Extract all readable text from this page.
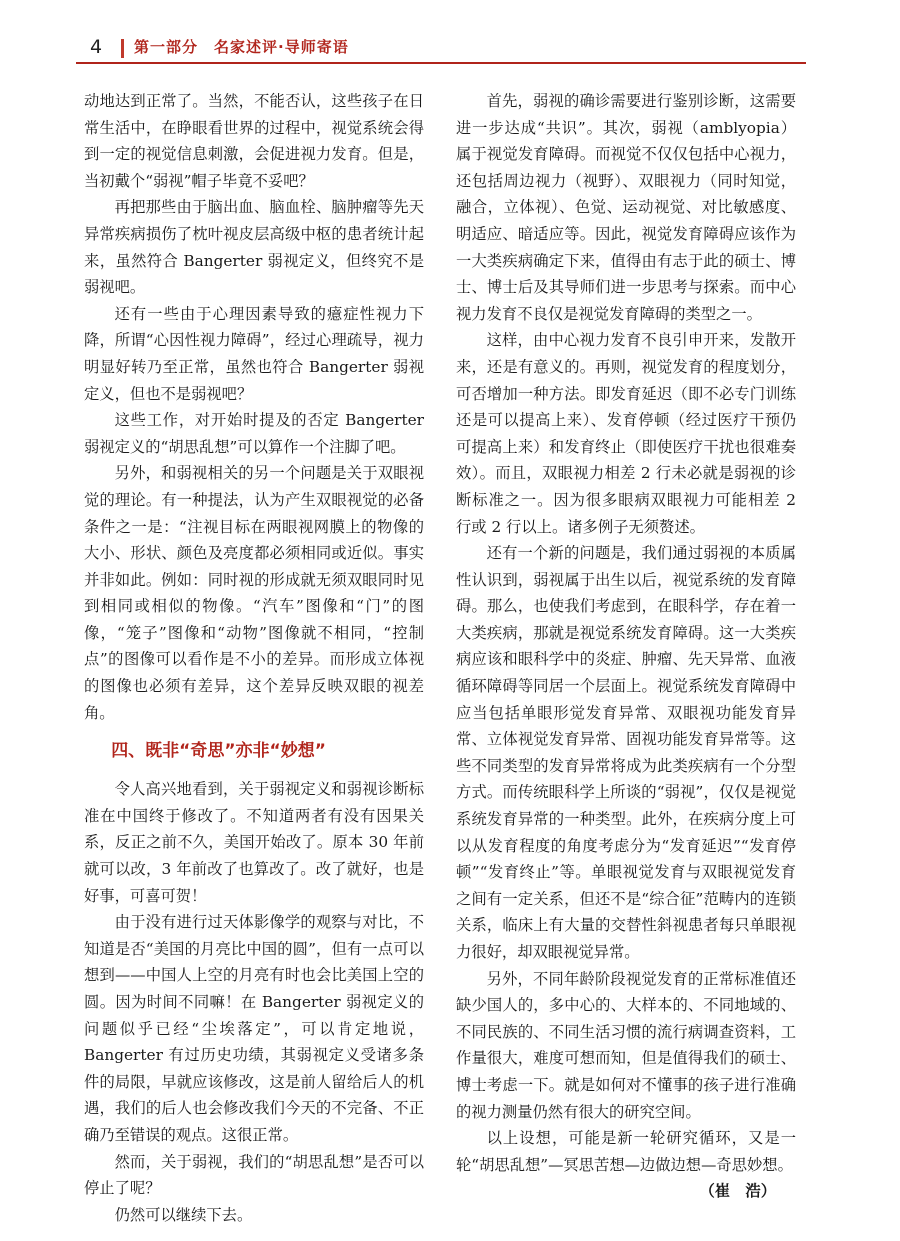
4 第一部分　名家述评·导师寄语

动地达到正常了。当然，不能否认，这些孩子在日常生活中，在睁眼看世界的过程中，视觉系统会得到一定的视觉信息刺激，会促进视力发育。但是，当初戴个“弱视”帽子毕竟不妥吧？

再把那些由于脑出血、脑血栓、脑肿瘤等先天异常疾病损伤了枕叶视皮层高级中枢的患者统计起来，虽然符合 Bangerter 弱视定义，但终究不是弱视吧。

还有一些由于心理因素导致的癔症性视力下降，所谓“心因性视力障碍”，经过心理疏导，视力明显好转乃至正常，虽然也符合 Bangerter 弱视定义，但也不是弱视吧？

这些工作，对开始时提及的否定 Bangerter 弱视定义的“胡思乱想”可以算作一个注脚了吧。

另外，和弱视相关的另一个问题是关于双眼视觉的理论。有一种提法，认为产生双眼视觉的必备条件之一是：“注视目标在两眼视网膜上的物像的大小、形状、颜色及亮度都必须相同或近似。事实并非如此。例如：同时视的形成就无须双眼同时见到相同或相似的物像。“汽车”图像和“门”的图像，“笼子”图像和“动物”图像就不相同，“控制点”的图像可以看作是不小的差异。而形成立体视的图像也必须有差异，这个差异反映双眼的视差角。

四、既非“奇思”亦非“妙想”

令人高兴地看到，关于弱视定义和弱视诊断标准在中国终于修改了。不知道两者有没有因果关系，反正之前不久，美国开始改了。原本 30 年前就可以改，3 年前改了也算改了。改了就好，也是好事，可喜可贺！

由于没有进行过天体影像学的观察与对比，不知道是否“美国的月亮比中国的圆”，但有一点可以想到——中国人上空的月亮有时也会比美国上空的圆。因为时间不同嘛！在 Bangerter 弱视定义的问题似乎已经“尘埃落定”，可以肯定地说，Bangerter 有过历史功绩，其弱视定义受诸多条件的局限，早就应该修改，这是前人留给后人的机遇，我们的后人也会修改我们今天的不完备、不正确乃至错误的观点。这很正常。

然而，关于弱视，我们的“胡思乱想”是否可以停止了呢？

仍然可以继续下去。

首先，弱视的确诊需要进行鉴别诊断，这需要进一步达成“共识”。其次，弱视（amblyopia）属于视觉发育障碍。而视觉不仅仅包括中心视力，还包括周边视力（视野）、双眼视力（同时知觉，融合，立体视）、色觉、运动视觉、对比敏感度、明适应、暗适应等。因此，视觉发育障碍应该作为一大类疾病确定下来，值得由有志于此的硕士、博士、博士后及其导师们进一步思考与探索。而中心视力发育不良仅是视觉发育障碍的类型之一。

这样，由中心视力发育不良引申开来，发散开来，还是有意义的。再则，视觉发育的程度划分，可否增加一种方法。即发育延迟（即不必专门训练还是可以提高上来）、发育停顿（经过医疗干预仍可提高上来）和发育终止（即使医疗干扰也很难奏效）。而且，双眼视力相差 2 行未必就是弱视的诊断标准之一。因为很多眼病双眼视力可能相差 2 行或 2 行以上。诸多例子无须赘述。

还有一个新的问题是，我们通过弱视的本质属性认识到，弱视属于出生以后，视觉系统的发育障碍。那么，也使我们考虑到，在眼科学，存在着一大类疾病，那就是视觉系统发育障碍。这一大类疾病应该和眼科学中的炎症、肿瘤、先天异常、血液循环障碍等同居一个层面上。视觉系统发育障碍中应当包括单眼形觉发育异常、双眼视功能发育异常、立体视觉发育异常、固视功能发育异常等。这些不同类型的发育异常将成为此类疾病有一个分型方式。而传统眼科学上所谈的“弱视”，仅仅是视觉系统发育异常的一种类型。此外，在疾病分度上可以从发育程度的角度考虑分为“发育延迟”“发育停顿”“发育终止”等。单眼视觉发育与双眼视觉发育之间有一定关系，但还不是“综合征”范畴内的连锁关系，临床上有大量的交替性斜视患者每只单眼视力很好，却双眼视觉异常。

另外，不同年龄阶段视觉发育的正常标准值还缺少国人的，多中心的、大样本的、不同地域的、不同民族的、不同生活习惯的流行病调查资料，工作量很大，难度可想而知，但是值得我们的硕士、博士考虑一下。就是如何对不懂事的孩子进行准确的视力测量仍然有很大的研究空间。

以上设想，可能是新一轮研究循环，又是一轮“胡思乱想”—冥思苦想—边做边想—奇思妙想。

（崔　浩）
